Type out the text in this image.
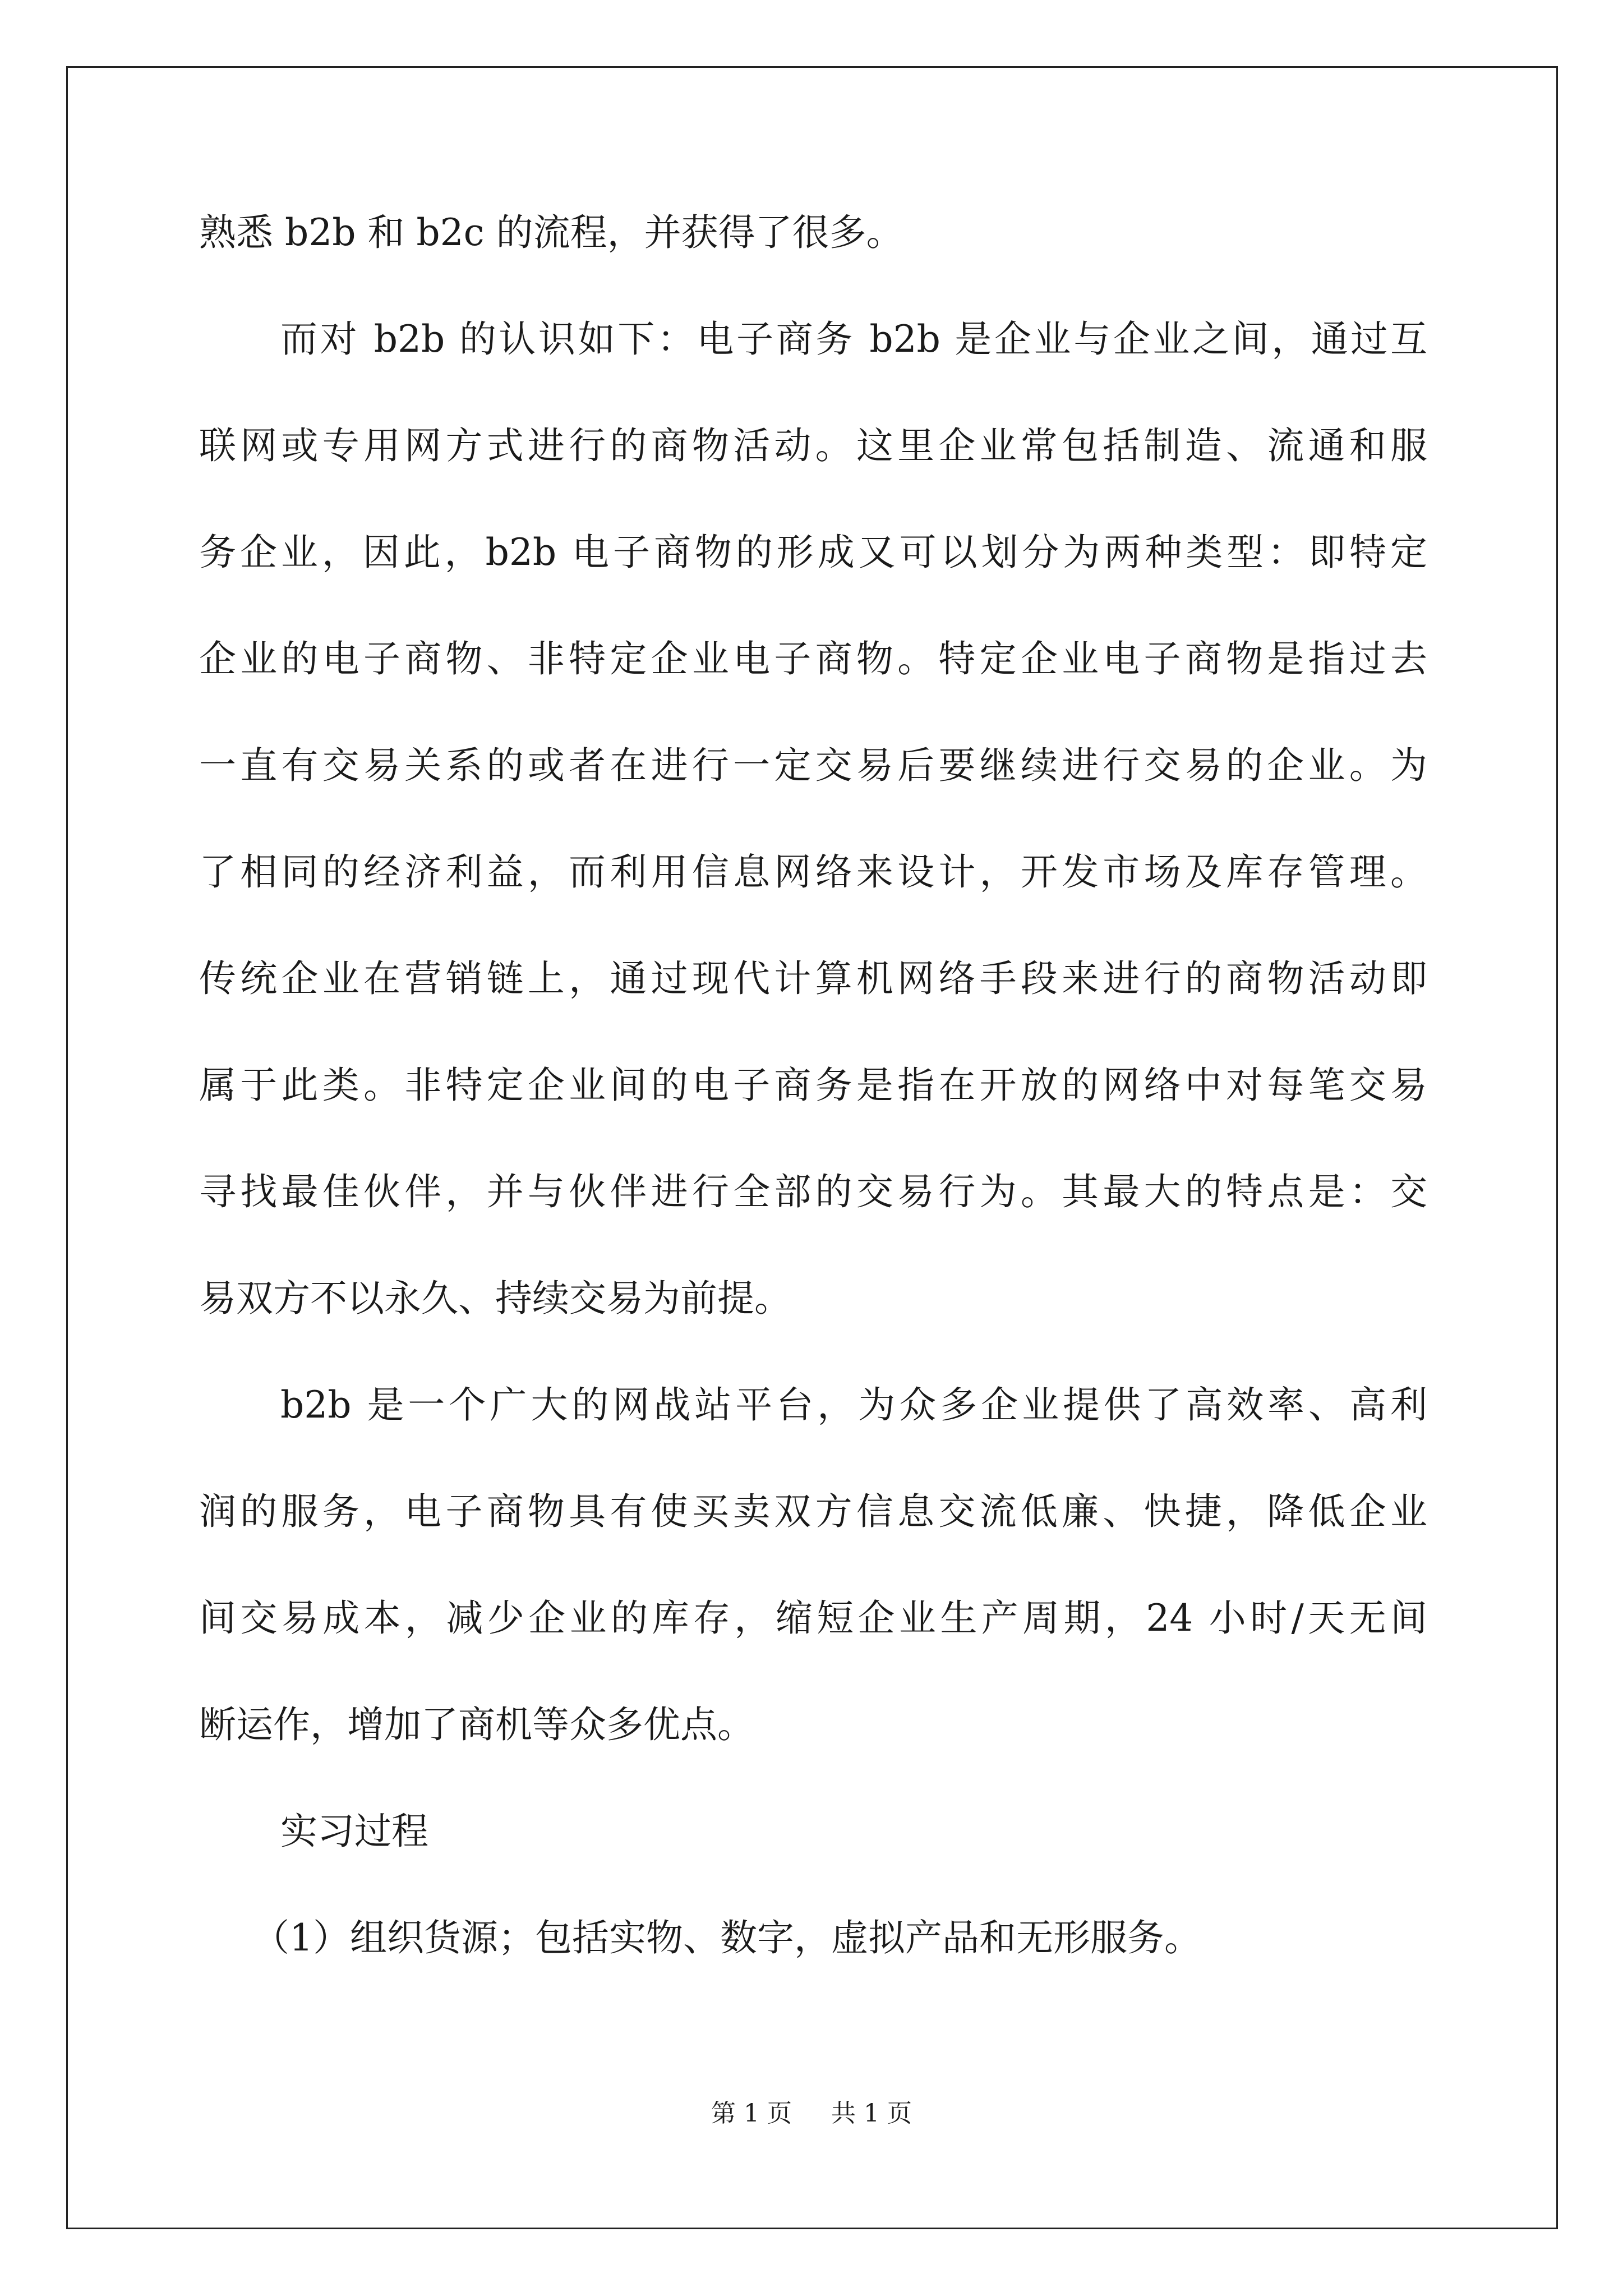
熟悉 b2b 和 b2c 的流程，并获得了很多。
而对 b2b 的认识如下：电子商务 b2b 是企业与企业之间，通过互
联网或专用网方式进行的商物活动。这里企业常包括制造、流通和服
务企业，因此，b2b 电子商物的形成又可以划分为两种类型：即特定
企业的电子商物、非特定企业电子商物。特定企业电子商物是指过去
一直有交易关系的或者在进行一定交易后要继续进行交易的企业。为
了相同的经济利益，而利用信息网络来设计，开发市场及库存管理。
传统企业在营销链上，通过现代计算机网络手段来进行的商物活动即
属于此类。非特定企业间的电子商务是指在开放的网络中对每笔交易
寻找最佳伙伴，并与伙伴进行全部的交易行为。其最大的特点是：交
易双方不以永久、持续交易为前提。
b2b 是一个广大的网战站平台，为众多企业提供了高效率、高利
润的服务，电子商物具有使买卖双方信息交流低廉、快捷，降低企业
间交易成本，减少企业的库存，缩短企业生产周期，24 小时/天无间
断运作，增加了商机等众多优点。
实习过程
（1）组织货源；包括实物、数字，虚拟产品和无形服务。
第 1 页 共 1 页
